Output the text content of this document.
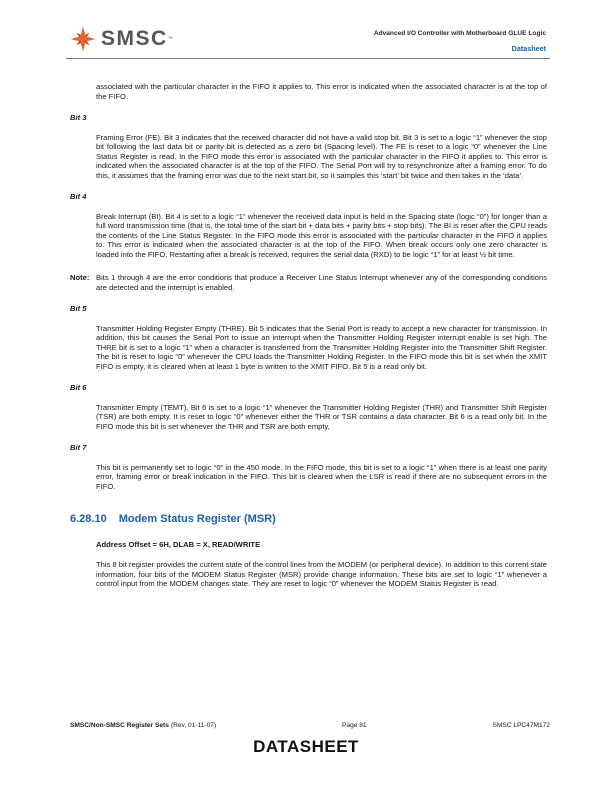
SMSC™
Advanced I/O Controller with Motherboard GLUE Logic
Datasheet

associated with the particular character in the FIFO it applies to. This error is indicated when the associated character is at the top of the FIFO.

Bit 3

Framing Error (FE). Bit 3 indicates that the received character did not have a valid stop bit. Bit 3 is set to a logic “1” whenever the stop bit following the last data bit or parity bit is detected as a zero bit (Spacing level). The FE is reset to a logic “0” whenever the Line Status Register is read. In the FIFO mode this error is associated with the particular character in the FIFO it applies to. This error is indicated when the associated character is at the top of the FIFO. The Serial Port will try to resynchronize after a framing error. To do this, it assumes that the framing error was due to the next start bit, so it samples this ‘start’ bit twice and then takes in the ‘data’.

Bit 4

Break Interrupt (BI). Bit 4 is set to a logic “1” whenever the received data input is held in the Spacing state (logic “0”) for longer than a full word transmission time (that is, the total time of the start bit + data bits + parity bits + stop bits). The BI is reset after the CPU reads the contents of the Line Status Register. In the FIFO mode this error is associated with the particular character in the FIFO it applies to. This error is indicated when the associated character is at the top of the FIFO. When break occurs only one zero character is loaded into the FIFO. Restarting after a break is received, requires the serial data (RXD) to be logic “1” for at least ½ bit time.

Note: Bits 1 through 4 are the error conditions that produce a Receiver Line Status Interrupt whenever any of the corresponding conditions are detected and the interrupt is enabled.
Bit 5

Transmitter Holding Register Empty (THRE). Bit 5 indicates that the Serial Port is ready to accept a new character for transmission. In addition, this bit causes the Serial Port to issue an interrupt when the Transmitter Holding Register interrupt enable is set high. The THRE bit is set to a logic “1” when a character is transferred from the Transmitter Holding Register into the Transmitter Shift Register. The bit is reset to logic “0” whenever the CPU loads the Transmitter Holding Register. In the FIFO mode this bit is set when the XMIT FIFO is empty, it is cleared when at least 1 byte is written to the XMIT FIFO. Bit 5 is a read only bit.

Bit 6

Transmitter Empty (TEMT). Bit 6 is set to a logic “1” whenever the Transmitter Holding Register (THR) and Transmitter Shift Register (TSR) are both empty. It is reset to logic “0” whenever either the THR or TSR contains a data character. Bit 6 is a read only bit. In the FIFO mode this bit is set whenever the THR and TSR are both empty,

Bit 7

This bit is permanently set to logic “0” in the 450 mode. In the FIFO mode, this bit is set to a logic “1” when there is at least one parity error, framing error or break indication in the FIFO. This bit is cleared when the LSR is read if there are no subsequent errors in the FIFO.

6.28.10 Modem Status Register (MSR)
Address Offset = 6H, DLAB = X, READ/WRITE

This 8 bit register provides the current state of the control lines from the MODEM (or peripheral device). In addition to this current state information, four bits of the MODEM Status Register (MSR) provide change information. These bits are set to logic “1” whenever a control input from the MODEM changes state. They are reset to logic “0” whenever the MODEM Status Register is read.

SMSC/Non-SMSC Register Sets (Rev. 01-11-07)	Page 81	SMSC LPC47M172
DATASHEET
